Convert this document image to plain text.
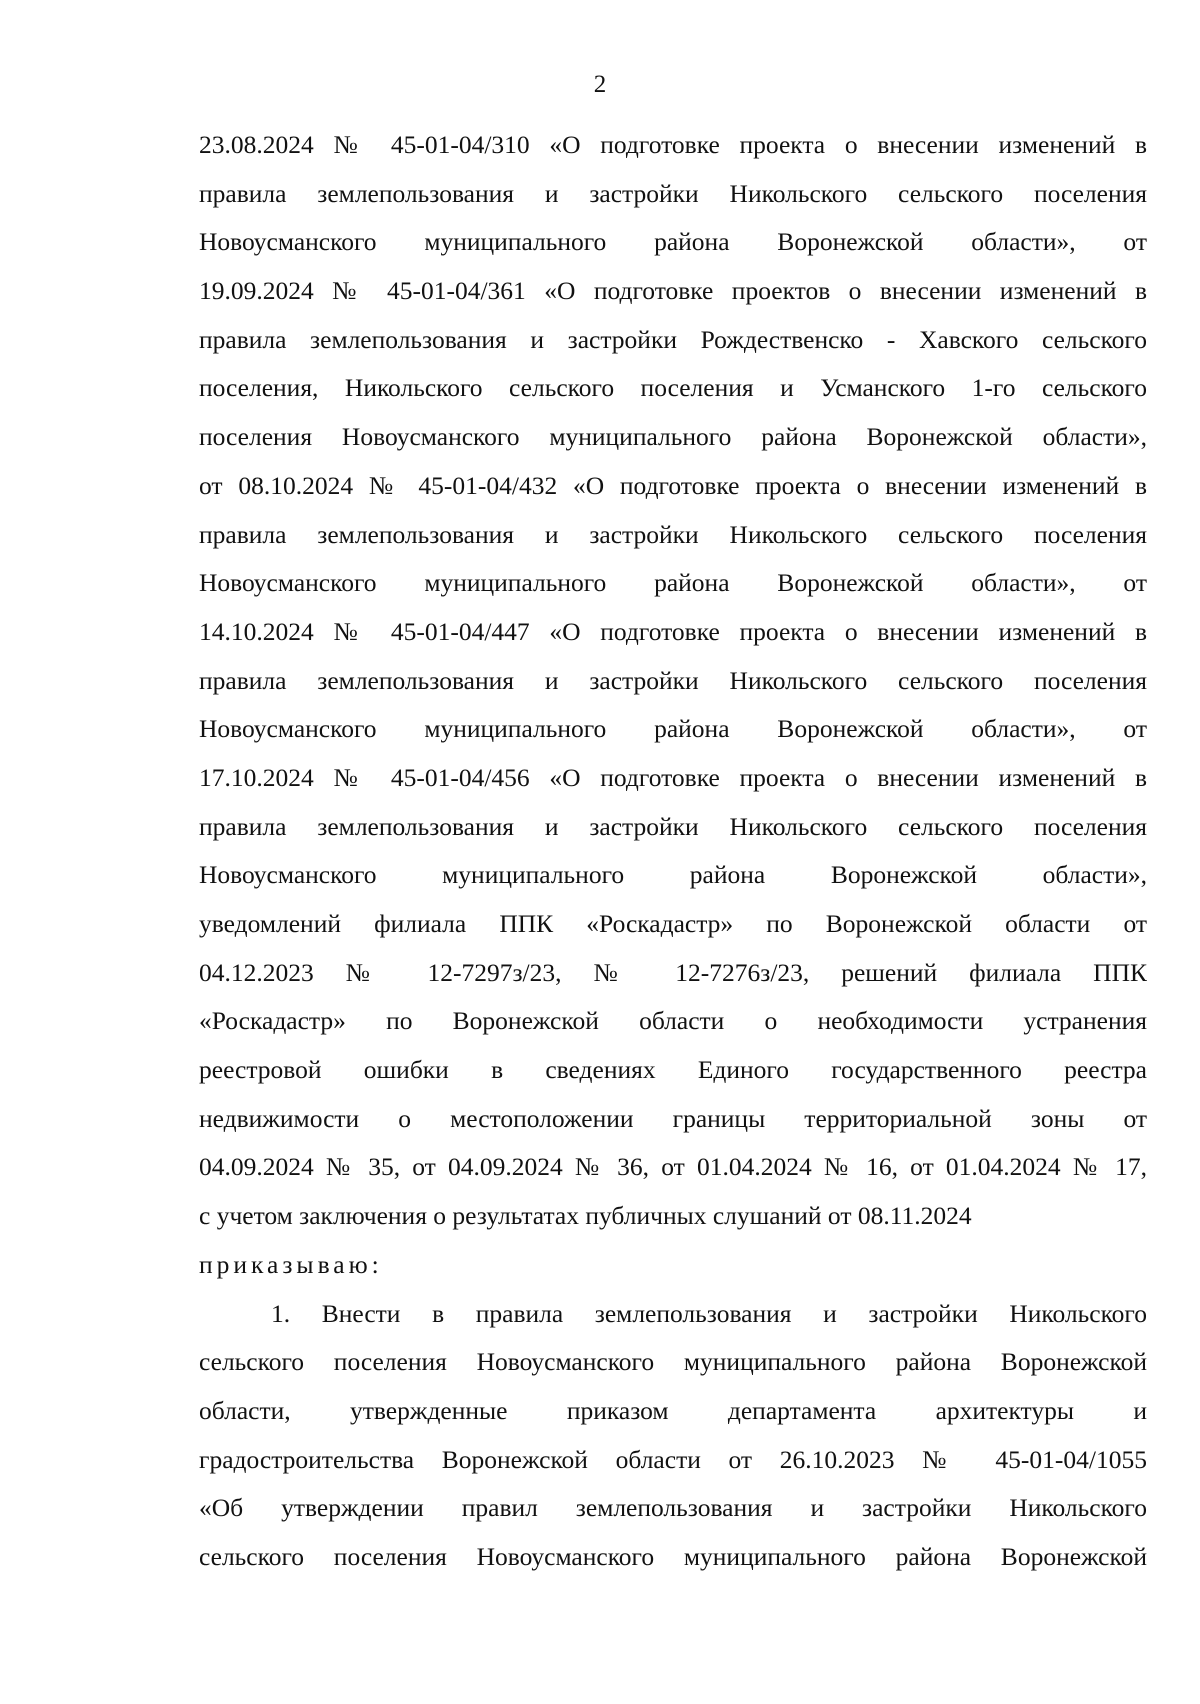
2
23.08.2024 № 45-01-04/310 «О подготовке проекта о внесении изменений в
правила землепользования и застройки Никольского сельского поселения
Новоусманского муниципального района Воронежской области», от
19.09.2024 № 45-01-04/361 «О подготовке проектов о внесении изменений в
правила землепользования и застройки Рождественско - Хавского сельского
поселения, Никольского сельского поселения и Усманского 1-го сельского
поселения Новоусманского муниципального района Воронежской области»,
от 08.10.2024 № 45-01-04/432 «О подготовке проекта о внесении изменений в
правила землепользования и застройки Никольского сельского поселения
Новоусманского муниципального района Воронежской области», от
14.10.2024 № 45-01-04/447 «О подготовке проекта о внесении изменений в
правила землепользования и застройки Никольского сельского поселения
Новоусманского муниципального района Воронежской области», от
17.10.2024 № 45-01-04/456 «О подготовке проекта о внесении изменений в
правила землепользования и застройки Никольского сельского поселения
Новоусманского муниципального района Воронежской области»,
уведомлений филиала ППК «Роскадастр» по Воронежской области от
04.12.2023 № 12-7297з/23, № 12-7276з/23, решений филиала ППК
«Роскадастр» по Воронежской области о необходимости устранения
реестровой ошибки в сведениях Единого государственного реестра
недвижимости о местоположении границы территориальной зоны от
04.09.2024 № 35, от 04.09.2024 № 36, от 01.04.2024 № 16, от 01.04.2024 № 17,
с учетом заключения о результатах публичных слушаний от 08.11.2024
приказываю:
1. Внести в правила землепользования и застройки Никольского
сельского поселения Новоусманского муниципального района Воронежской
области, утвержденные приказом департамента архитектуры и
градостроительства Воронежской области от 26.10.2023 № 45-01-04/1055
«Об утверждении правил землепользования и застройки Никольского
сельского поселения Новоусманского муниципального района Воронежской
